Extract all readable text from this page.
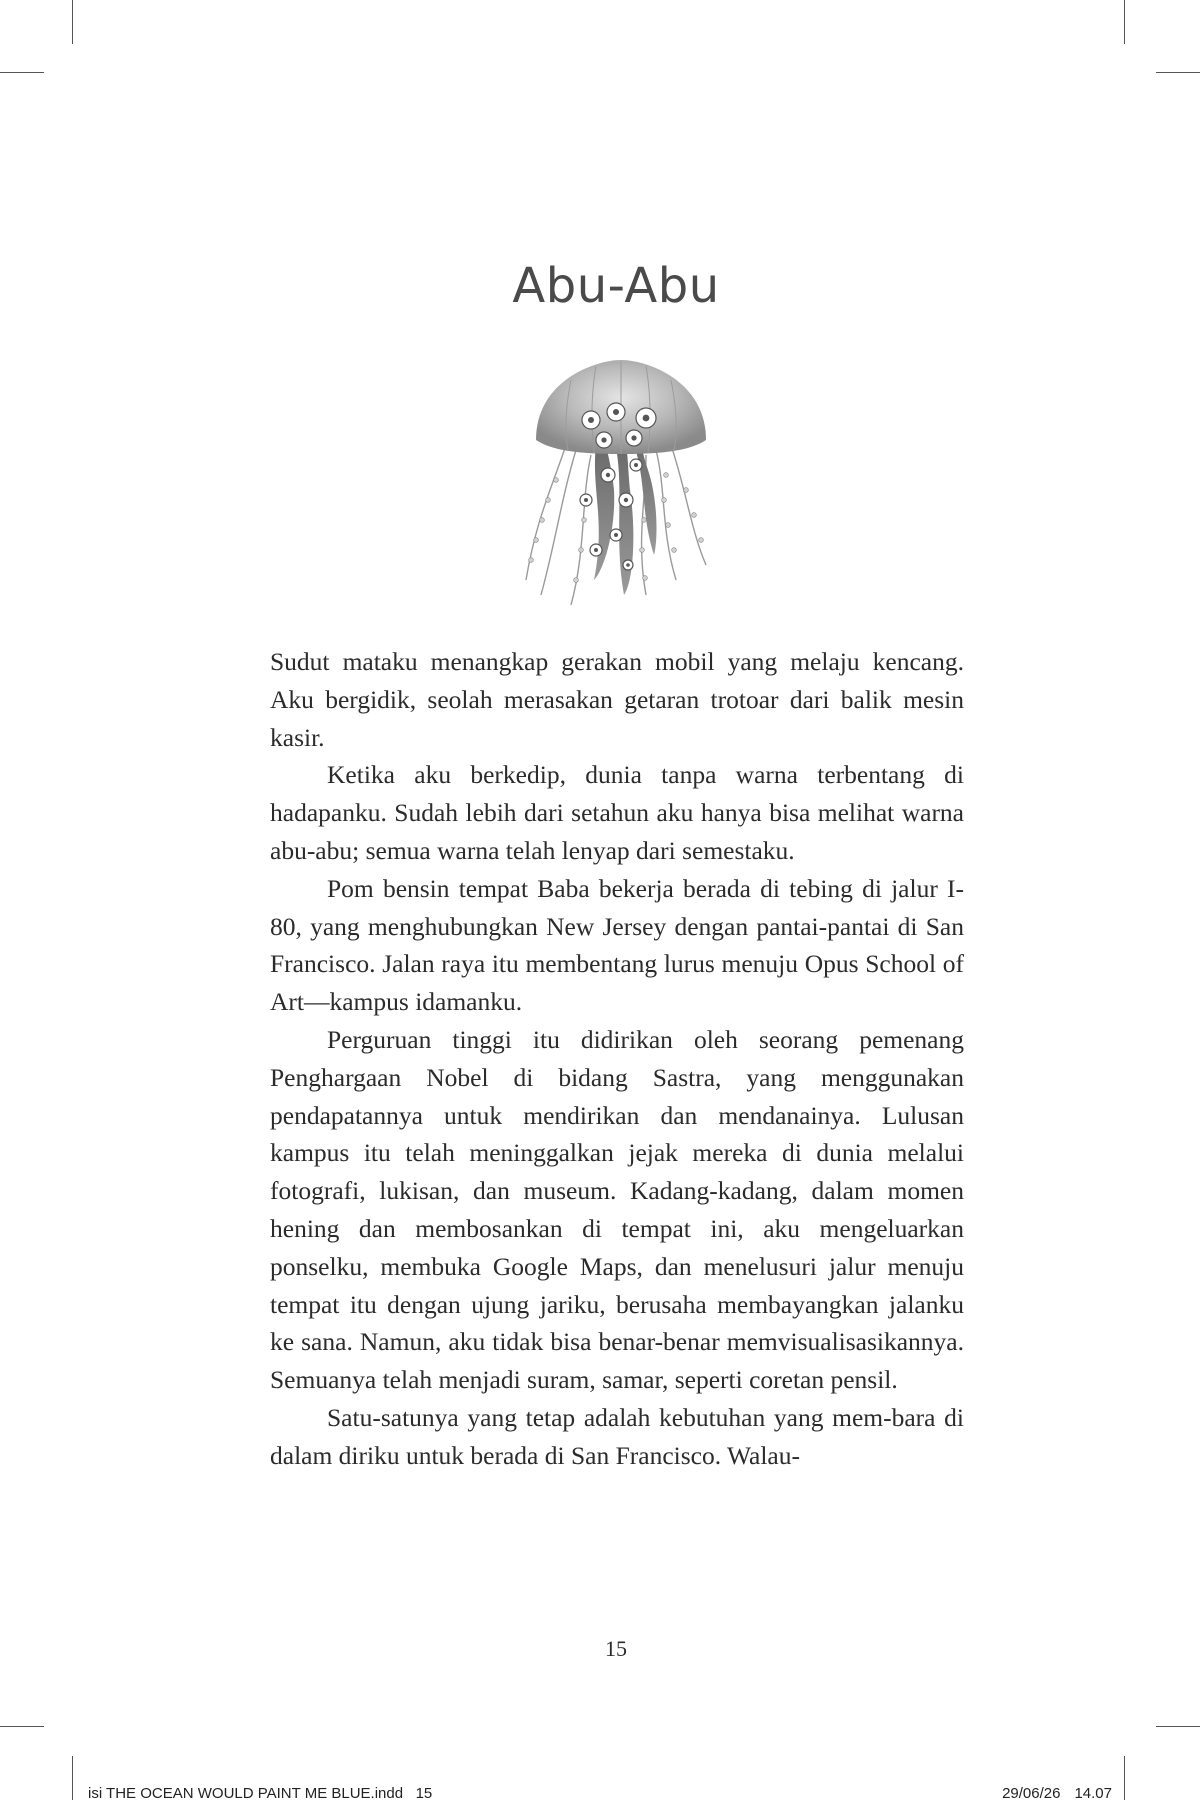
Abu-Abu

Sudut mataku menangkap gerakan mobil yang melaju kencang. Aku bergidik, seolah merasakan getaran trotoar dari balik mesin kasir.

Ketika aku berkedip, dunia tanpa warna terbentang di hadapanku. Sudah lebih dari setahun aku hanya bisa melihat warna abu-abu; semua warna telah lenyap dari semestaku.

Pom bensin tempat Baba bekerja berada di tebing di jalur I-80, yang menghubungkan New Jersey dengan pantai-pantai di San Francisco. Jalan raya itu membentang lurus menuju Opus School of Art—kampus idamanku.

Perguruan tinggi itu didirikan oleh seorang pemenang Penghargaan Nobel di bidang Sastra, yang menggunakan pendapatannya untuk mendirikan dan mendanainya. Lulusan kampus itu telah meninggalkan jejak mereka di dunia melalui fotografi, lukisan, dan museum. Kadang-kadang, dalam momen hening dan membosankan di tempat ini, aku mengeluarkan ponselku, membuka Google Maps, dan menelusuri jalur menuju tempat itu dengan ujung jariku, berusaha membayangkan jalanku ke sana. Namun, aku tidak bisa benar-benar memvisualisasikannya. Semuanya telah menjadi suram, samar, seperti coretan pensil.

Satu-satunya yang tetap adalah kebutuhan yang mem-bara di dalam diriku untuk berada di San Francisco. Walau-

15
isi THE OCEAN WOULD PAINT ME BLUE.indd   15	29/06/26 14.07
